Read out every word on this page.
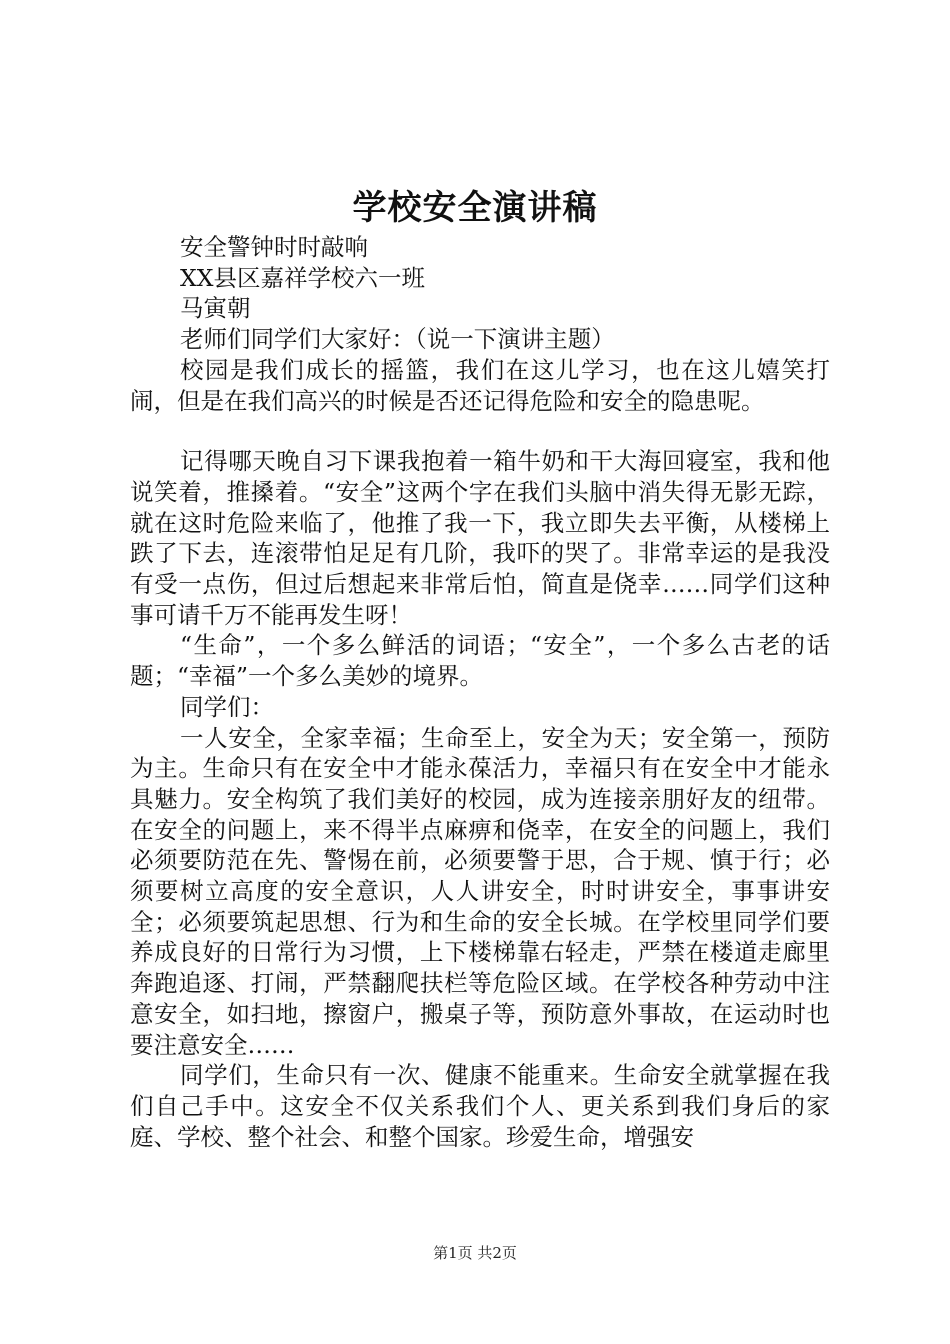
学校安全演讲稿

安全警钟时时敲响

XX县区嘉祥学校六一班

马寅朝

老师们同学们大家好：（说一下演讲主题）

校园是我们成长的摇篮，我们在这儿学习，也在这儿嬉笑打闹，但是在我们高兴的时候是否还记得危险和安全的隐患呢。

记得哪天晚自习下课我抱着一箱牛奶和干大海回寝室，我和他说笑着，推搡着。“安全”这两个字在我们头脑中消失得无影无踪，就在这时危险来临了，他推了我一下，我立即失去平衡，从楼梯上跌了下去，连滚带怕足足有几阶，我吓的哭了。非常幸运的是我没有受一点伤，但过后想起来非常后怕，简直是侥幸……同学们这种事可请千万不能再发生呀！

“生命”，一个多么鲜活的词语；“安全”，一个多么古老的话题；“幸福”一个多么美妙的境界。

同学们：

一人安全，全家幸福；生命至上，安全为天；安全第一，预防为主。生命只有在安全中才能永葆活力，幸福只有在安全中才能永具魅力。安全构筑了我们美好的校园，成为连接亲朋好友的纽带。在安全的问题上，来不得半点麻痹和侥幸，在安全的问题上，我们必须要防范在先、警惕在前，必须要警于思，合于规、慎于行；必须要树立高度的安全意识，人人讲安全，时时讲安全，事事讲安全；必须要筑起思想、行为和生命的安全长城。在学校里同学们要养成良好的日常行为习惯，上下楼梯靠右轻走，严禁在楼道走廊里奔跑追逐、打闹，严禁翻爬扶栏等危险区域。在学校各种劳动中注意安全，如扫地，擦窗户，搬桌子等，预防意外事故，在运动时也要注意安全……

同学们，生命只有一次、健康不能重来。生命安全就掌握在我们自己手中。这安全不仅关系我们个人、更关系到我们身后的家庭、学校、整个社会、和整个国家。珍爱生命，增强安

第1页 共2页
